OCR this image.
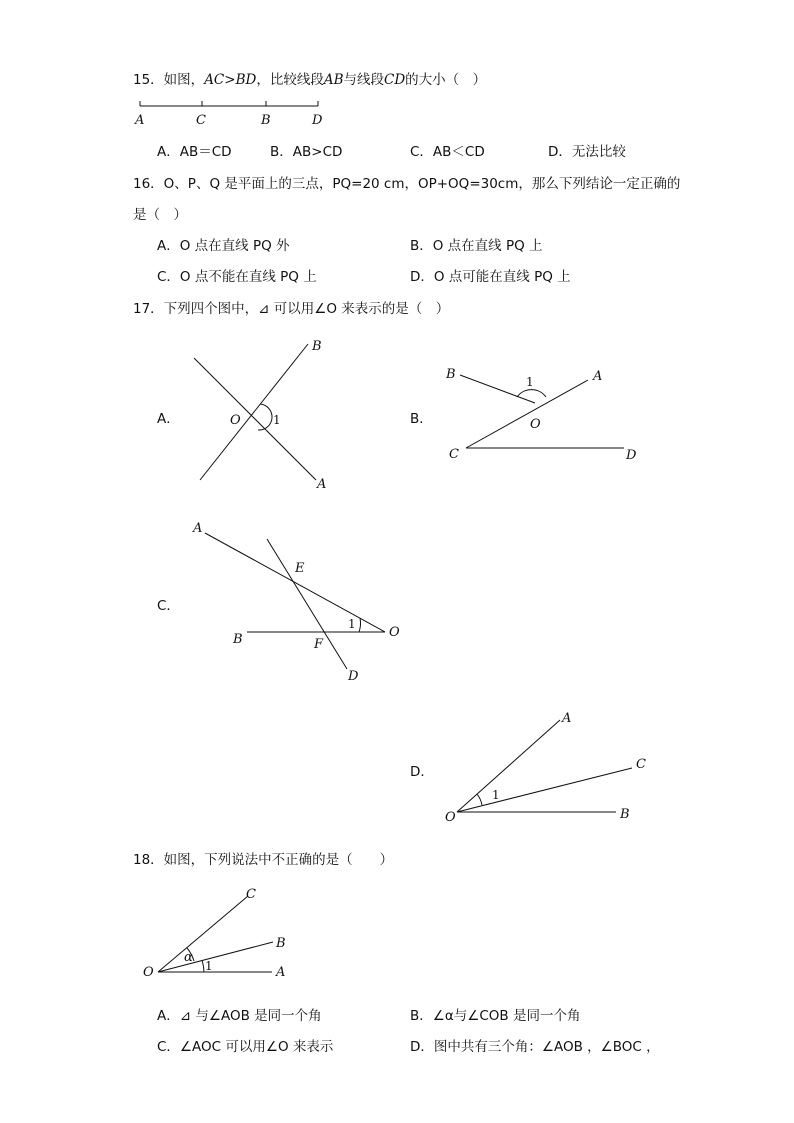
15．如图，AC>BD，比较线段AB与线段CD的大小（　）
A	C	B	D
A．AB＝CD	B．AB>CD	C．AB＜CD	D．无法比较
16．O、P、Q 是平面上的三点，PQ=20 cm，OP+OQ=30cm，那么下列结论一定正确的
是（　）
A．O 点在直线 PQ 外	B．O 点在直线 PQ 上
C．O 点不能在直线 PQ 上	D．O 点可能在直线 PQ 上
17．下列四个图中，⊿ 可以用∠O 来表示的是（　）
A．
B
O	1
A
B．
B	1	A
O
C	D
C．
A
E
B
1
O
F
D
D．
A
C
1
O	B
18．如图，下列说法中不正确的是（　　）
C
B
α
1
O	A
A．⊿ 与∠AOB 是同一个角	B．∠α与∠COB 是同一个角
C．∠AOC 可以用∠O 来表示	D．图中共有三个角：∠AOB ，∠BOC ，
